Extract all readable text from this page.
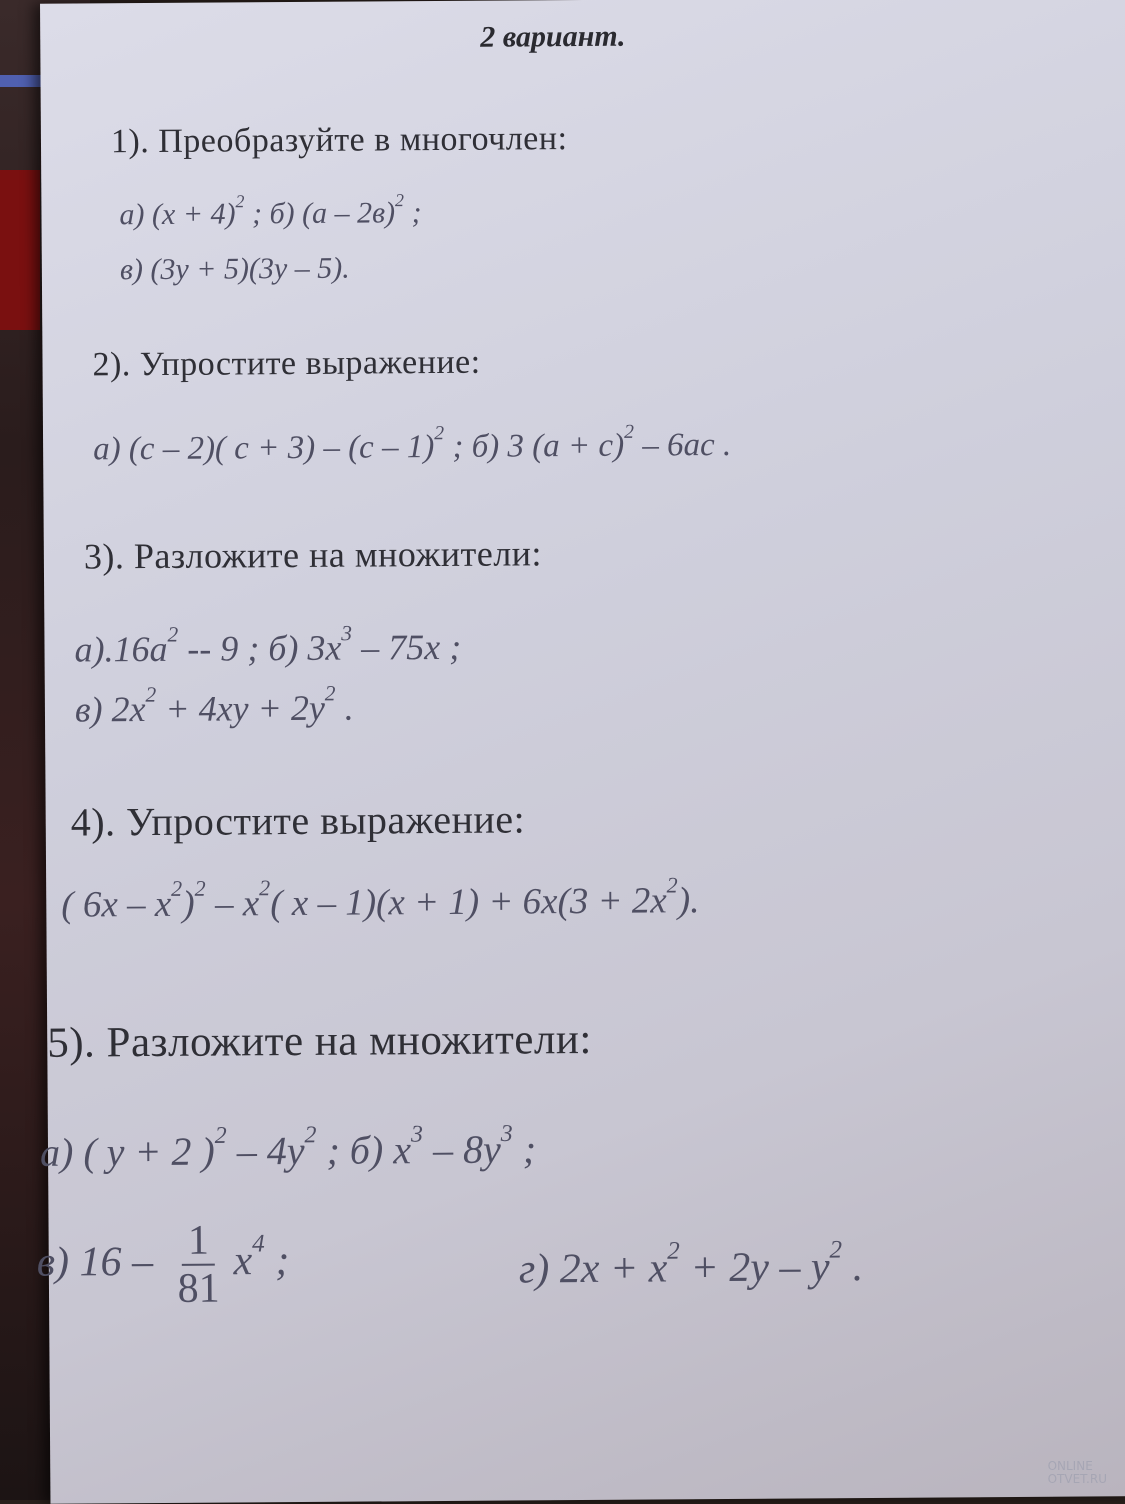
2 вариант.
1). Преобразуйте в многочлен:
а) $(x + 4)^2$ ; б) (а – 2в)$^2$ ;
в) (3y + 5)(3y – 5).
2). Упростите выражение:
а) (с – 2)( с + 3) – (с – 1)$^2$ ; б) 3 $(а + с)^2 - 6ас$ .
3). Разложите на множители:
$а).16а^2 -- 9$ ; б) $3x^3 - 75x$ ;
в) $2x^2 + 4xy + 2y^2$ .
4). Упростите выражение:
( $6x - x^2)^2 - x^2$( $x - 1)(x + 1) + 6x(3 + 2x^2)$.
5). Разложите на множители:
а) ( y + 2 )$^2 - 4y^2$ ; б) $x^3 - 8y^3$ ;
в) $16 - \frac{1}{81} x^4$ ;	г) $2x + x^2 + 2y - y^2$ .
ONLINE
OTVET.RU
